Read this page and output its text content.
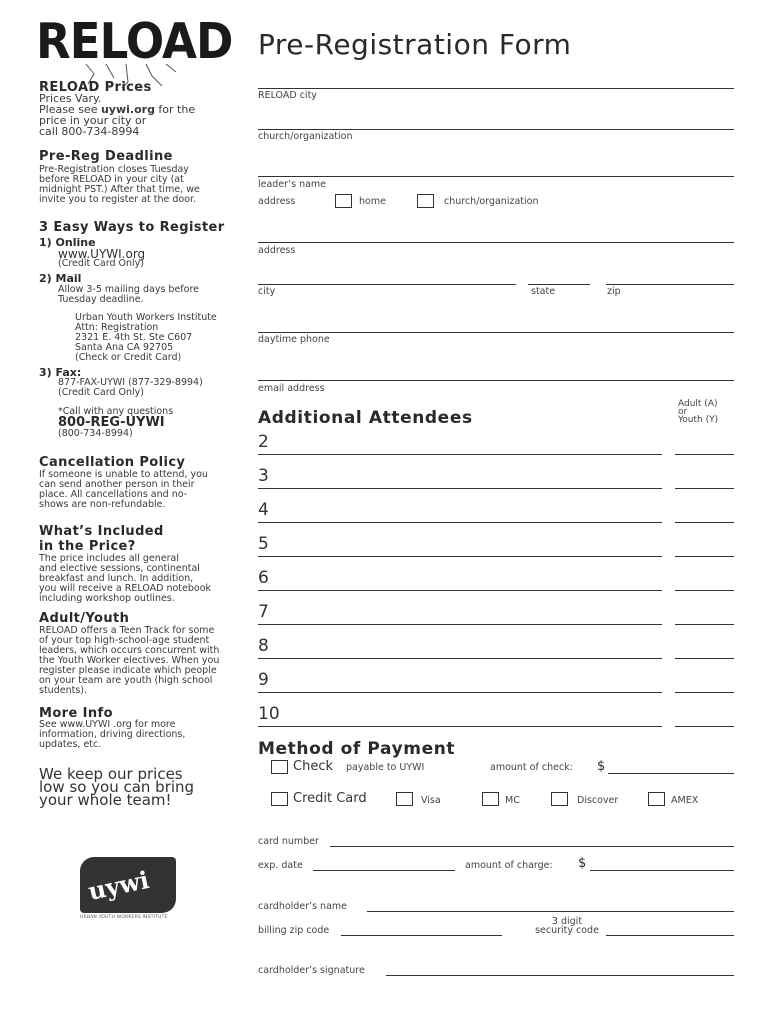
RELOAD Pre-Registration Form
RELOAD Prices
Prices Vary.
Please see uywi.org for the
price in your city or
call 800-734-8994
Pre-Reg Deadline
Pre-Registration closes Tuesday
before RELOAD in your city (at
midnight PST.) After that time, we
invite you to register at the door.
3 Easy Ways to Register
1) Online
www.UYWI.org
(Credit Card Only)
2) Mail
Allow 3-5 mailing days before
Tuesday deadline.
Urban Youth Workers Institute
Attn: Registration
2321 E. 4th St. Ste C607
Santa Ana CA 92705
(Check or Credit Card)
3) Fax:
877-FAX-UYWI (877-329-8994)
(Credit Card Only)
*Call with any questions
800-REG-UYWI
(800-734-8994)
Cancellation Policy
If someone is unable to attend, you
can send another person in their
place. All cancellations and no-
shows are non-refundable.
What’s Included
in the Price?
The price includes all general
and elective sessions, continental
breakfast and lunch. In addition,
you will receive a RELOAD notebook
including workshop outlines.
Adult/Youth
RELOAD offers a Teen Track for some
of your top high-school-age student
leaders, which occurs concurrent with
the Youth Worker electives. When you
register please indicate which people
on your team are youth (high school
students).
More Info
See www.UYWI .org for more
information, driving directions,
updates, etc.
We keep our prices
low so you can bring
your whole team!
uywi
URBAN YOUTH WORKERS INSTITUTE
RELOAD city
church/organization
leader’s name
address	home	church/organization
address
city	state	zip
daytime phone
email address
Additional Attendees
Adult (A)
or
Youth (Y)
2
3
4
5
6
7
8
9
10
Method of Payment
Check payable to UYWI	amount of check: $
Credit Card	Visa	MC	Discover	AMEX
card number
exp. date	amount of charge: $
cardholder’s name
billing zip code
3 digit
security code
cardholder’s signature
